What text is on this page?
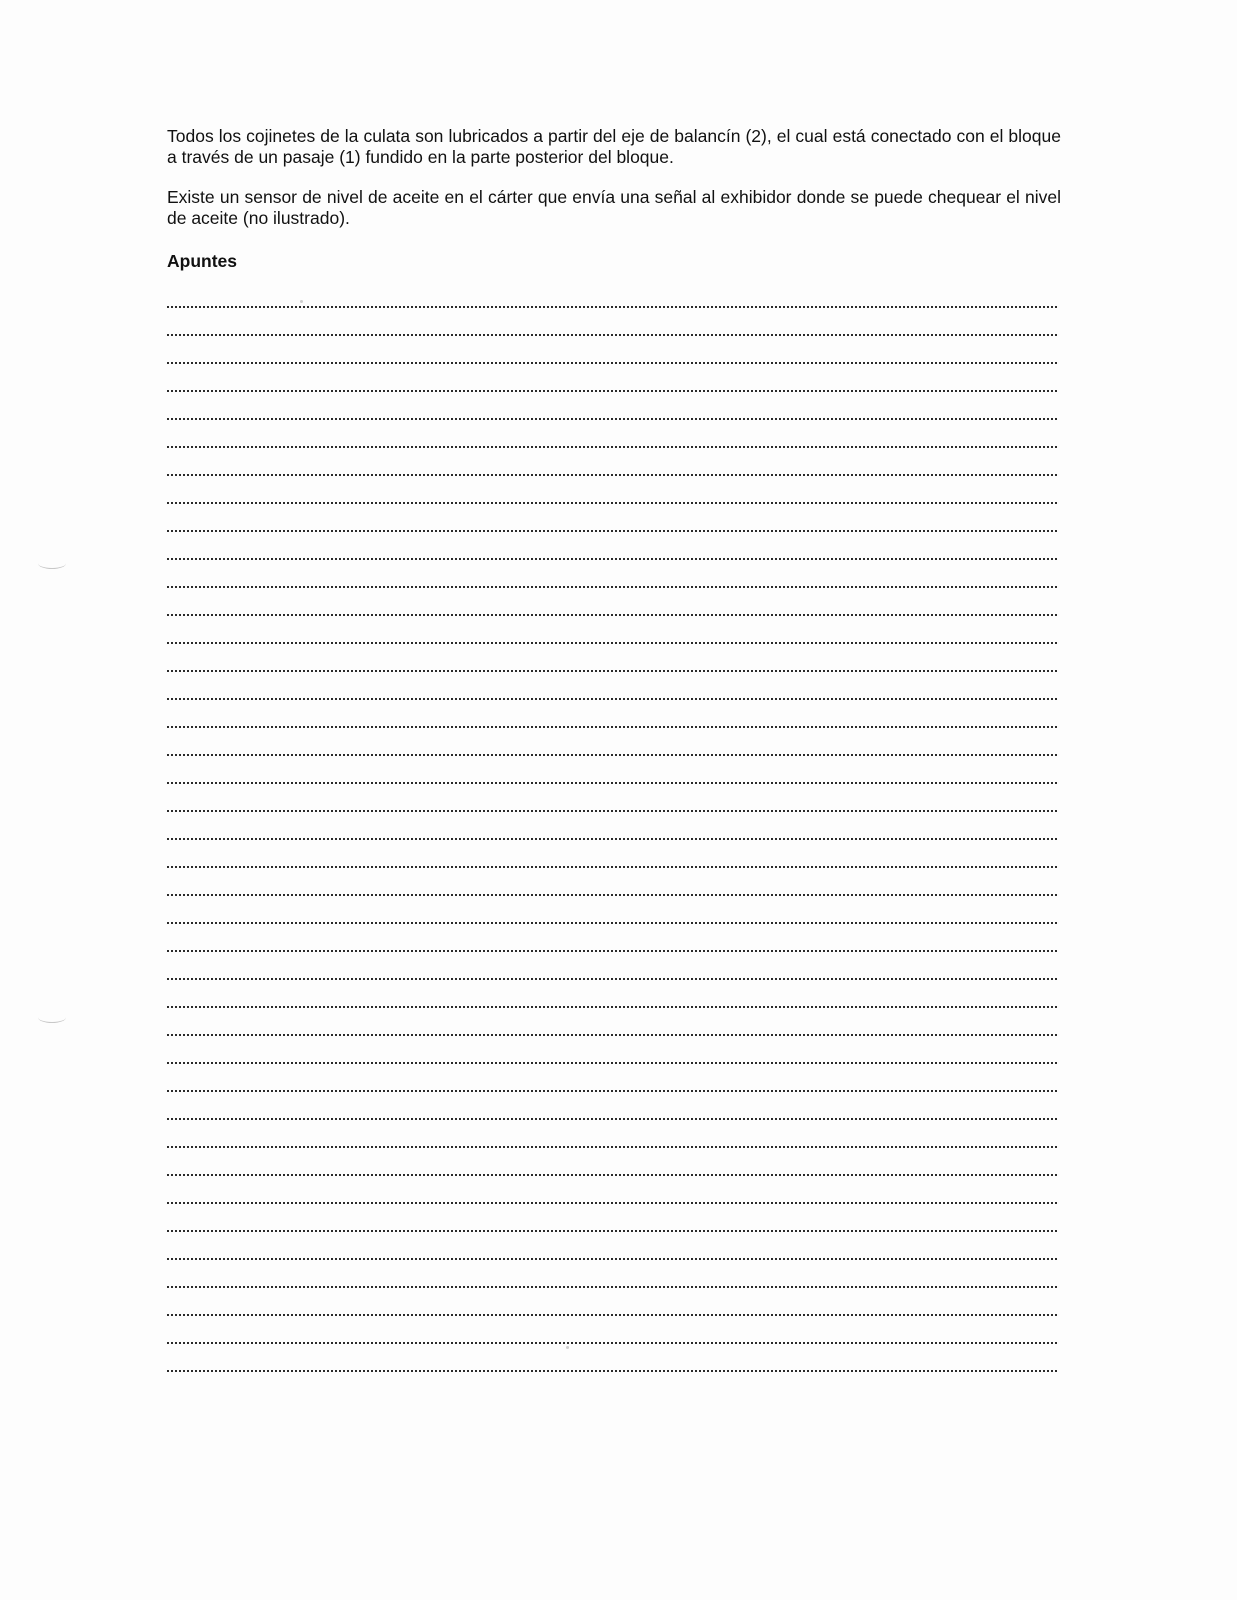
Todos los cojinetes de la culata son lubricados a partir del eje de balancín (2), el cual está conectado con el bloque a través de un pasaje (1) fundido en la parte posterior del bloque.

Existe un sensor de nivel de aceite en el cárter que envía una señal al exhibidor donde se puede chequear el nivel de aceite (no ilustrado).

Apuntes
